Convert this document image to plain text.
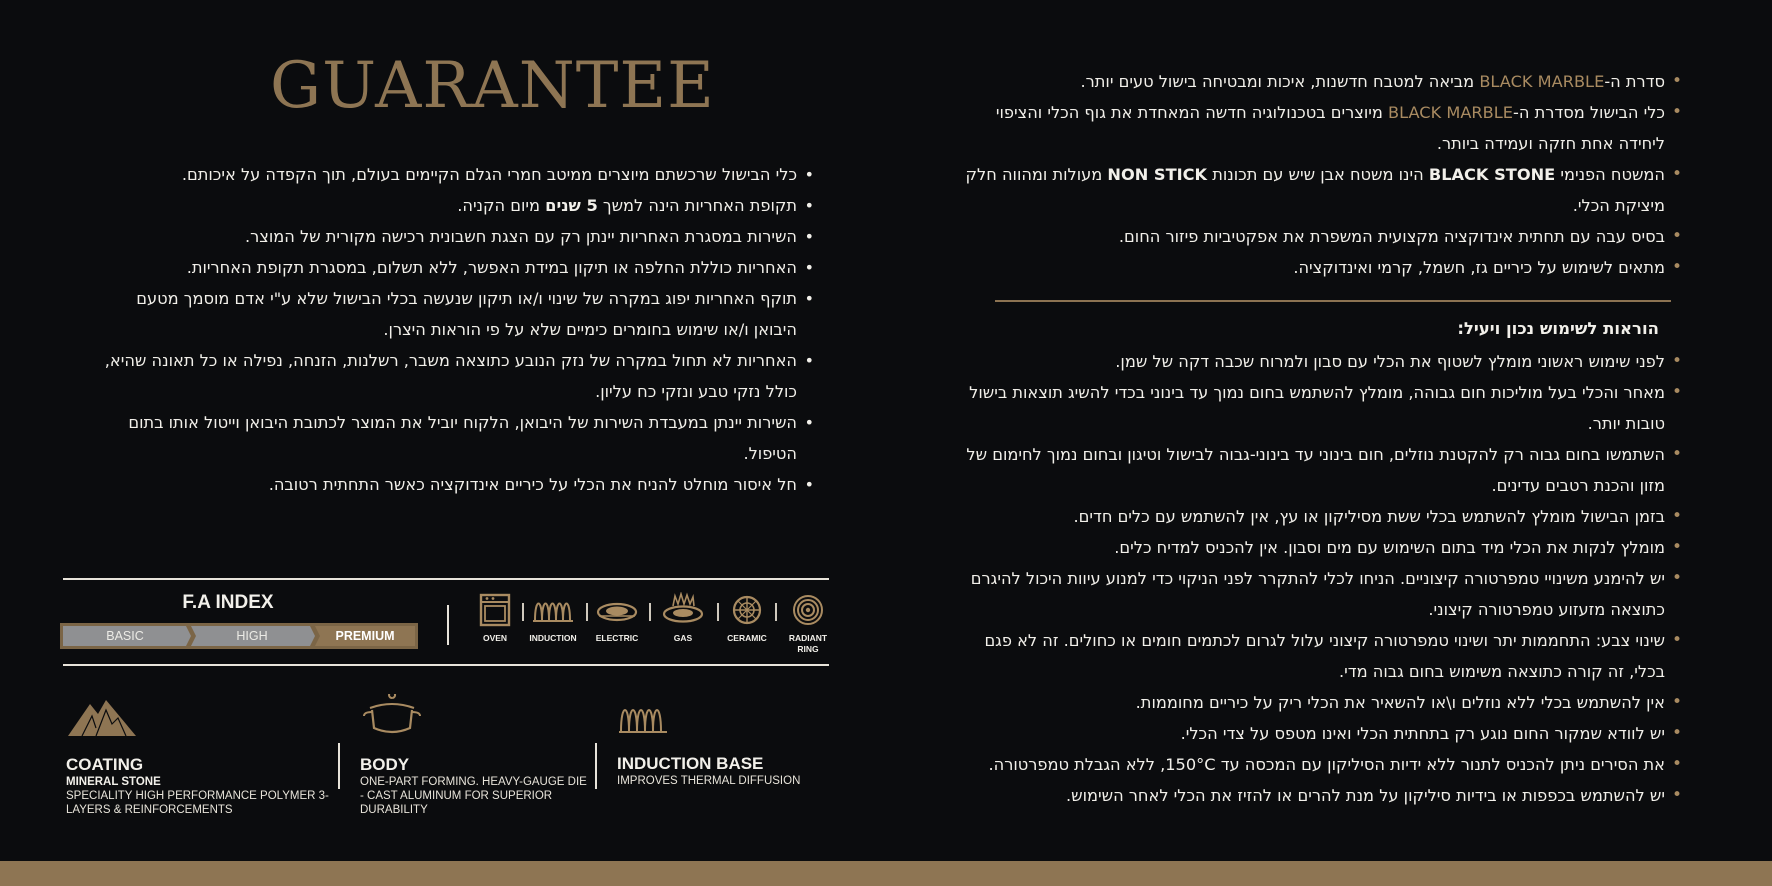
GUARANTEE
• כלי הבישול שרכשתם מיוצרים ממיטב חמרי הגלם הקיימים בעולם, תוך הקפדה על איכותם.
• תקופת האחריות הינה למשך 5 שנים מיום הקניה.
• השירות במסגרת האחריות יינתן רק עם הצגת חשבונית רכישה מקורית של המוצר.
• האחריות כוללת החלפה או תיקון במידת האפשר, ללא תשלום, במסגרת תקופת האחריות.
• תוקף האחריות יפוג במקרה של שינוי ו/או תיקון שנעשה בכלי הבישול שלא ע"י אדם מוסמך מטעם היבואן ו/או שימוש בחומרים כימיים שלא על פי הוראות היצרן.
• האחריות לא תחול במקרה של נזק הנובע כתוצאה משבר, רשלנות, הזנחה, נפילה או כל תאונה שהיא, כולל נזקי טבע ונזקי כח עליון.
• השירות יינתן במעבדת השירות של היבואן, הלקוח יוביל את המוצר לכתובת היבואן וייטול אותו בתום הטיפול.
• חל איסור מוחלט להניח את הכלי על כיריים אינדוקציה כאשר התחתית רטובה.
• סדרת ה-BLACK MARBLE מביאה למטבח חדשנות, איכות ומבטיחה בישול טעים יותר.
• כלי הבישול מסדרת ה-BLACK MARBLE מיוצרים בטכנולוגיה חדשה המאחדת את גוף הכלי והציפוי ליחידה אחת חזקה ועמידה ביותר.
• המשטח הפנימי BLACK STONE הינו משטח אבן שיש עם תכונות NON STICK מעולות ומהווה חלק מיציקת הכלי.
• בסיס עבה עם תחתית אינדוקציה מקצועית המשפרת את אפקטיביות פיזור החום.
• מתאים לשימוש על כיריים גז, חשמל, קרמי ואינדוקציה.
הוראות לשימוש נכון ויעיל:
• לפני שימוש ראשוני מומלץ לשטוף את הכלי עם סבון ולמרוח שכבה דקה של שמן.
• מאחר והכלי בעל מוליכות חום גבוהה, מומלץ להשתמש בחום נמוך עד בינוני בכדי להשיג תוצאות בישול טובות יותר.
• השתמשו בחום גבוה רק להקטנת נוזלים, חום בינוני עד בינוני-גבוה לבישול וטיגון ובחום נמוך לחימום של מזון והכנת רטבים עדינים.
• בזמן הבישול מומלץ להשתמש בכלי ששת מסיליקון או עץ, אין להשתמש עם כלים חדים.
• מומלץ לנקות את הכלי מיד בתום השימוש עם מים וסבון. אין להכניס למדיח כלים.
• יש להימנע משינויי טמפרטורה קיצוניים. הניחו לכלי להתקרר לפני הניקוי כדי למנוע עיוות היכול להיגרם כתוצאה מזעזוע טמפרטורה קיצוני.
• שינוי צבע: התחממות יתר ושינוי טמפרטורה קיצוני עלול לגרום לכתמים חומים או כחולים. זה לא פגם בכלי, זה קורה כתוצאה משימוש בחום גבוה מדי.
• אין להשתמש בכלי ללא נוזלים ו\או להשאיר את הכלי ריק על כיריים מחוממות.
• יש לוודא שמקור החום נוגע רק בתחתית הכלי ואינו מטפס על צדי הכלי.
• את הסירים ניתן להכניס לתנור ללא ידיות הסיליקון עם המכסה עד 150°C, ללא הגבלת טמפרטורה.
• יש להשתמש בכפפות או בידיות סיליקון על מנת להרים או להזיז את הכלי לאחר השימוש.
F.A INDEX
BASIC	HIGH	PREMIUM	OVEN	INDUCTION	ELECTRIC	GAS	CERAMIC	RADIANT RING
COATING
MINERAL STONE
SPECIALITY HIGH PERFORMANCE POLYMER 3-LAYERS & REINFORCEMENTS
BODY
ONE-PART FORMING. HEAVY-GAUGE DIE - CAST ALUMINUM FOR SUPERIOR DURABILITY
INDUCTION BASE
IMPROVES THERMAL DIFFUSION
